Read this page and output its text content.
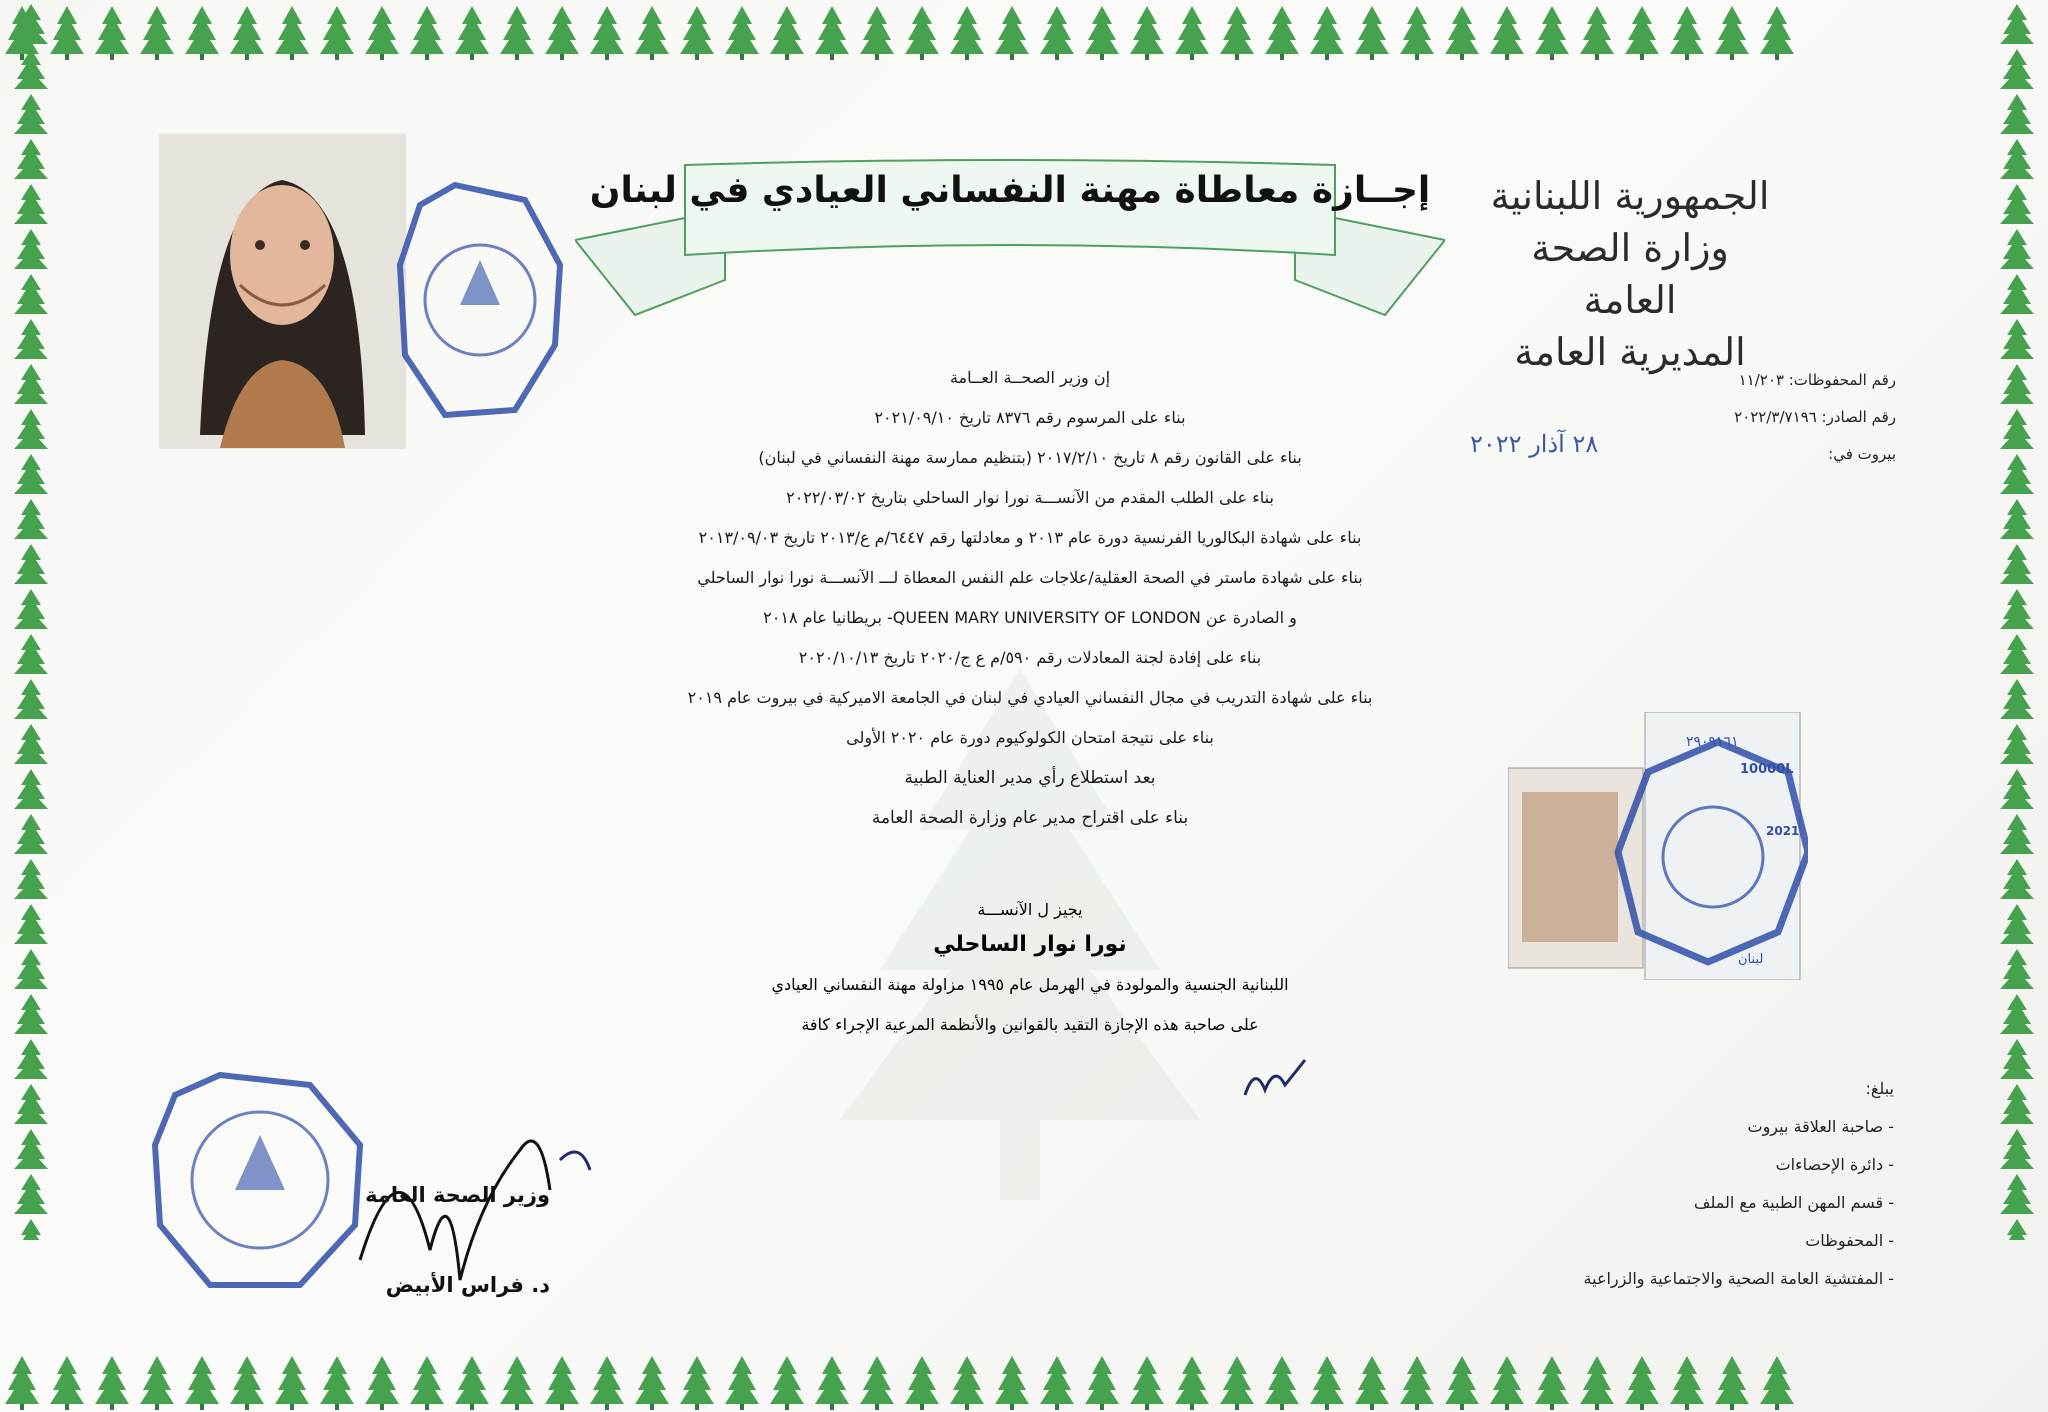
إجــازة معاطاة مهنة النفساني العيادي في لبنان	الجمهورية اللبنانية
وزارة الصحة العامة
المديرية العامة
رقم المحفوظات: ١١/٢٠٣
رقم الصادر: ٢٠٢٢/٣/٧١٩٦
بيروت في:
٢٨ آذار ٢٠٢٢
إن وزير الصحــة العــامة
بناء على المرسوم رقم ٨٣٧٦ تاريخ ٢٠٢١/٠٩/١٠
بناء على القانون رقم ٨ تاريخ ٢٠١٧/٢/١٠ (بتنظيم ممارسة مهنة النفساني في لبنان)
بناء على الطلب المقدم من الآنســـة نورا نوار الساحلي بتاريخ ٢٠٢٢/٠٣/٠٢
بناء على شهادة البكالوريا الفرنسية دورة عام ٢٠١٣ و معادلتها رقم ٦٤٤٧/م ع/٢٠١٣ تاريخ ٢٠١٣/٠٩/٠٣
بناء على شهادة ماستر في الصحة العقلية/علاجات علم النفس المعطاة لـــ الآنســـة نورا نوار الساحلي
و الصادرة عن QUEEN MARY UNIVERSITY OF LONDON- بريطانيا عام ٢٠١٨
بناء على إفادة لجنة المعادلات رقم ٥٩٠/م ع ج/٢٠٢٠ تاريخ ٢٠٢٠/١٠/١٣
بناء على شهادة التدريب في مجال النفساني العيادي في لبنان في الجامعة الاميركية في بيروت عام ٢٠١٩
بناء على نتيجة امتحان الكولوكيوم دورة عام ٢٠٢٠ الأولى
بعد استطلاع رأي مدير العناية الطبية
بناء على اقتراح مدير عام وزارة الصحة العامة
يجيز ل الآنســـة
نورا نوار الساحلي
اللبنانية الجنسية والمولودة في الهرمل عام ١٩٩٥ مزاولة مهنة النفساني العيادي
على صاحبة هذه الإجازة التقيد بالقوانين والأنظمة المرعية الإجراء كافة
10000L
٢٩٠٩١٦١
2021
لبنان
يبلغ:
- صاحبة العلاقة بيروت
- دائرة الإحصاءات
- قسم المهن الطبية مع الملف
- المحفوظات
- المفتشية العامة الصحية والاجتماعية والزراعية
وزير الصحة العامة
د. فراس الأبيض
